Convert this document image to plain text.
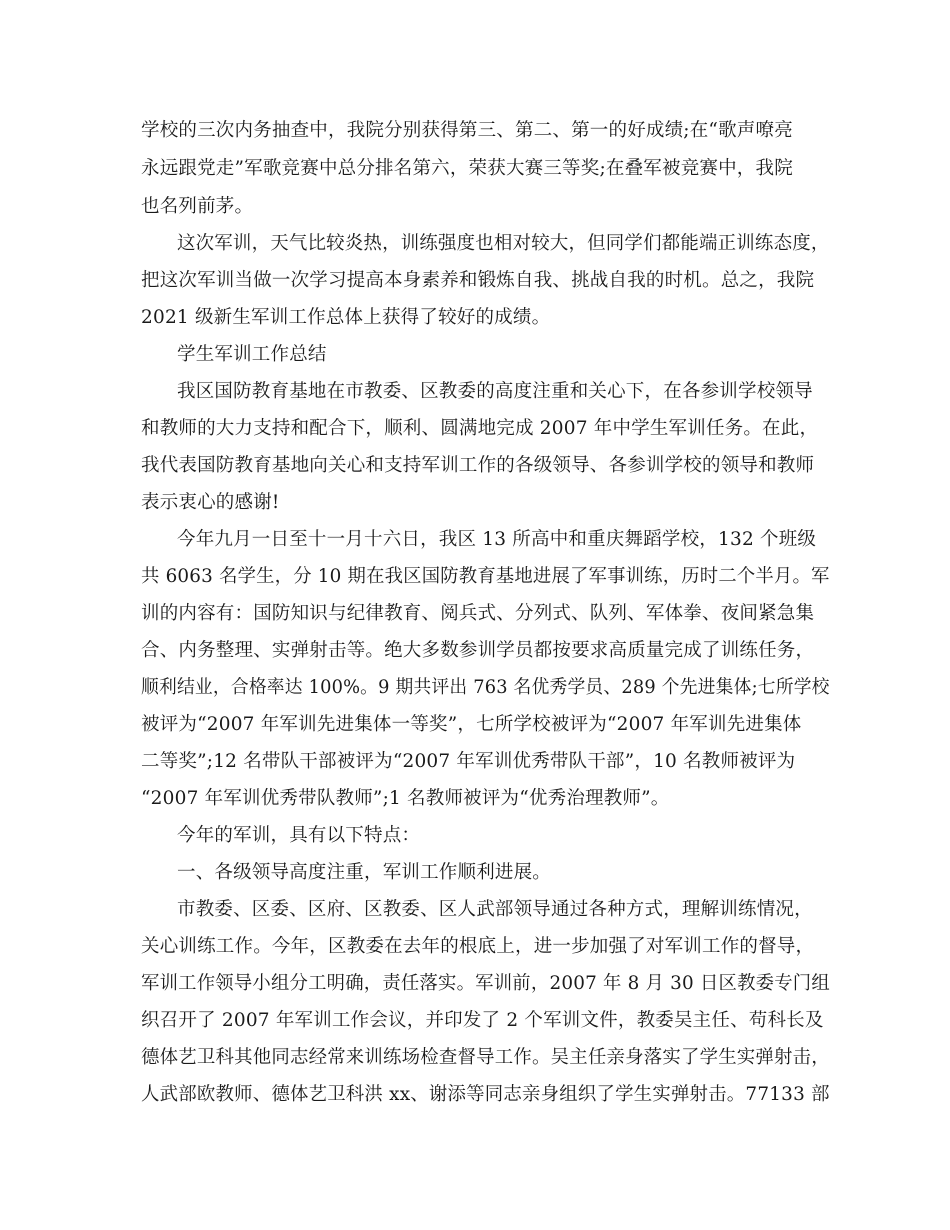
学校的三次内务抽查中，我院分别获得第三、第二、第一的好成绩;在“歌声嘹亮
永远跟党走”军歌竞赛中总分排名第六，荣获大赛三等奖;在叠军被竞赛中，我院
也名列前茅。
这次军训，天气比较炎热，训练强度也相对较大，但同学们都能端正训练态度，
把这次军训当做一次学习提高本身素养和锻炼自我、挑战自我的时机。总之，我院
2021 级新生军训工作总体上获得了较好的成绩。
学生军训工作总结
我区国防教育基地在市教委、区教委的高度注重和关心下，在各参训学校领导
和教师的大力支持和配合下，顺利、圆满地完成 2007 年中学生军训任务。在此，
我代表国防教育基地向关心和支持军训工作的各级领导、各参训学校的领导和教师
表示衷心的感谢!
今年九月一日至十一月十六日，我区 13 所高中和重庆舞蹈学校，132 个班级
共 6063 名学生，分 10 期在我区国防教育基地进展了军事训练，历时二个半月。军
训的内容有：国防知识与纪律教育、阅兵式、分列式、队列、军体拳、夜间紧急集
合、内务整理、实弹射击等。绝大多数参训学员都按要求高质量完成了训练任务，
顺利结业，合格率达 100%。9 期共评出 763 名优秀学员、289 个先进集体;七所学校
被评为“2007 年军训先进集体一等奖”，七所学校被评为“2007 年军训先进集体
二等奖”;12 名带队干部被评为“2007 年军训优秀带队干部”，10 名教师被评为
“2007 年军训优秀带队教师”;1 名教师被评为“优秀治理教师”。
今年的军训，具有以下特点：
一、各级领导高度注重，军训工作顺利进展。
市教委、区委、区府、区教委、区人武部领导通过各种方式，理解训练情况，
关心训练工作。今年，区教委在去年的根底上，进一步加强了对军训工作的督导，
军训工作领导小组分工明确，责任落实。军训前，2007 年 8 月 30 日区教委专门组
织召开了 2007 年军训工作会议，并印发了 2 个军训文件，教委吴主任、苟科长及
德体艺卫科其他同志经常来训练场检查督导工作。吴主任亲身落实了学生实弹射击，
人武部欧教师、德体艺卫科洪 xx、谢添等同志亲身组织了学生实弹射击。77133 部
